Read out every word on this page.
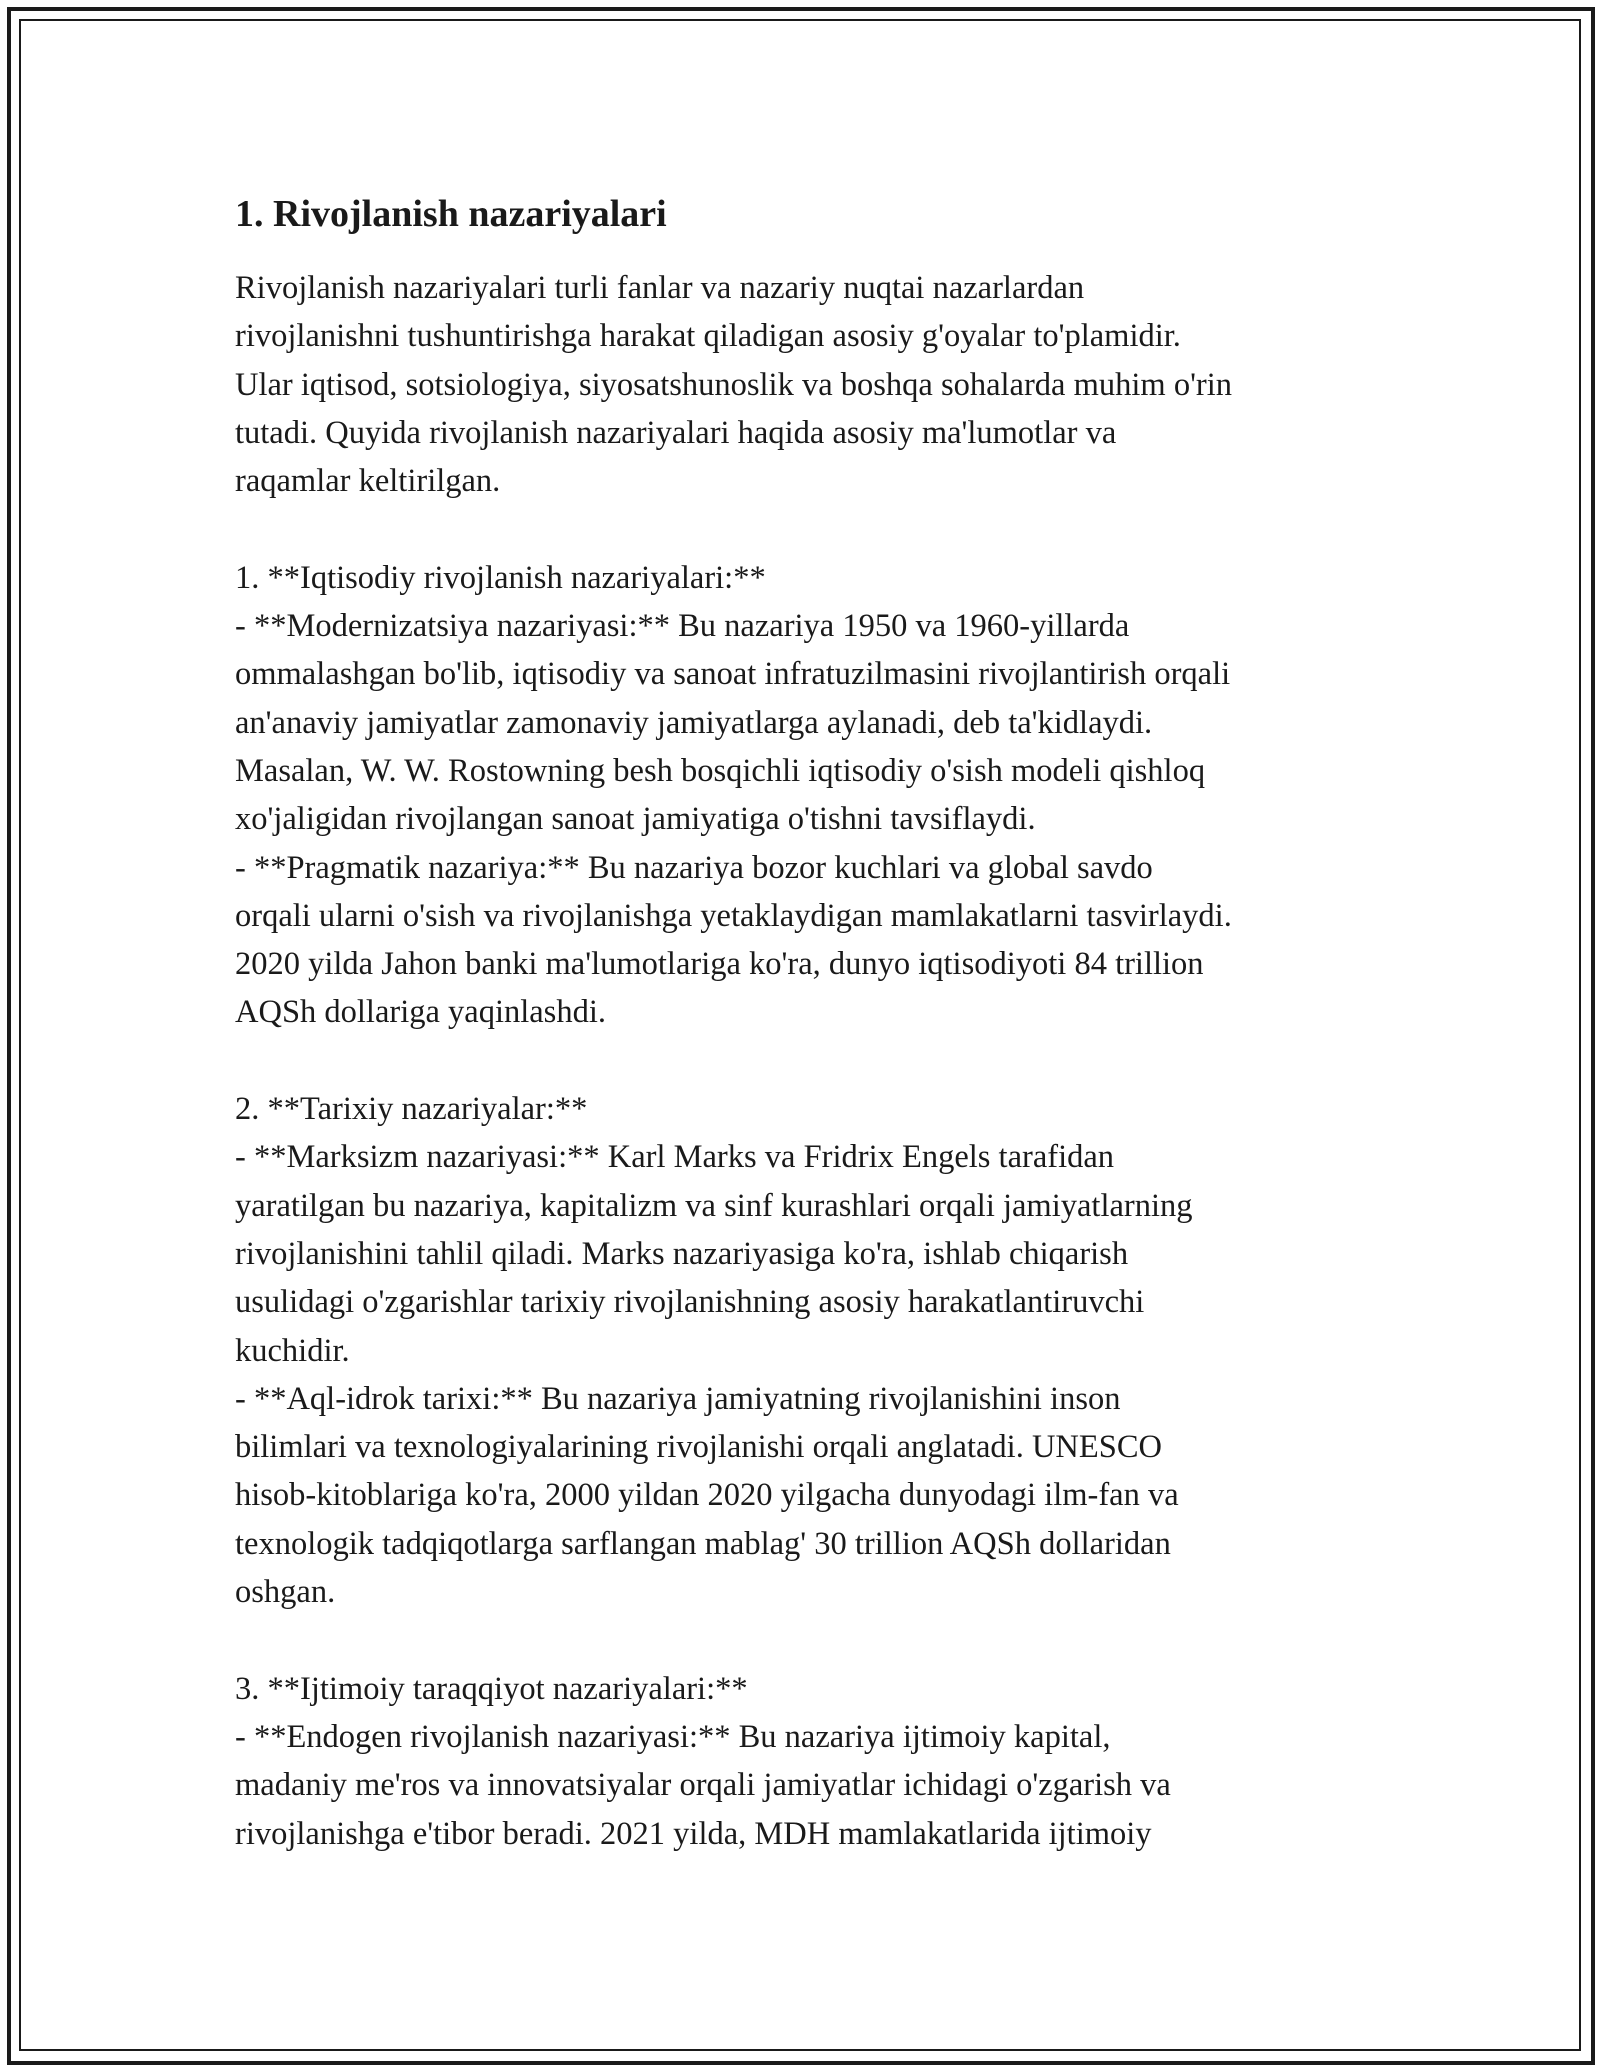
1. Rivojlanish nazariyalari

Rivojlanish nazariyalari turli fanlar va nazariy nuqtai nazarlardan
rivojlanishni tushuntirishga harakat qiladigan asosiy g'oyalar to'plamidir.
Ular iqtisod, sotsiologiya, siyosatshunoslik va boshqa sohalarda muhim o'rin
tutadi. Quyida rivojlanish nazariyalari haqida asosiy ma'lumotlar va
raqamlar keltirilgan.

1. **Iqtisodiy rivojlanish nazariyalari:**

- **Modernizatsiya nazariyasi:** Bu nazariya 1950 va 1960-yillarda
ommalashgan bo'lib, iqtisodiy va sanoat infratuzilmasini rivojlantirish orqali
an'anaviy jamiyatlar zamonaviy jamiyatlarga aylanadi, deb ta'kidlaydi.
Masalan, W. W. Rostowning besh bosqichli iqtisodiy o'sish modeli qishloq
xo'jaligidan rivojlangan sanoat jamiyatiga o'tishni tavsiflaydi.

- **Pragmatik nazariya:** Bu nazariya bozor kuchlari va global savdo
orqali ularni o'sish va rivojlanishga yetaklaydigan mamlakatlarni tasvirlaydi.
2020 yilda Jahon banki ma'lumotlariga ko'ra, dunyo iqtisodiyoti 84 trillion
AQSh dollariga yaqinlashdi.

2. **Tarixiy nazariyalar:**

- **Marksizm nazariyasi:** Karl Marks va Fridrix Engels tarafidan
yaratilgan bu nazariya, kapitalizm va sinf kurashlari orqali jamiyatlarning
rivojlanishini tahlil qiladi. Marks nazariyasiga ko'ra, ishlab chiqarish
usulidagi o'zgarishlar tarixiy rivojlanishning asosiy harakatlantiruvchi
kuchidir.

- **Aql-idrok tarixi:** Bu nazariya jamiyatning rivojlanishini inson
bilimlari va texnologiyalarining rivojlanishi orqali anglatadi. UNESCO
hisob-kitoblariga ko'ra, 2000 yildan 2020 yilgacha dunyodagi ilm-fan va
texnologik tadqiqotlarga sarflangan mablag' 30 trillion AQSh dollaridan
oshgan.

3. **Ijtimoiy taraqqiyot nazariyalari:**

- **Endogen rivojlanish nazariyasi:** Bu nazariya ijtimoiy kapital,
madaniy me'ros va innovatsiyalar orqali jamiyatlar ichidagi o'zgarish va
rivojlanishga e'tibor beradi. 2021 yilda, MDH mamlakatlarida ijtimoiy
